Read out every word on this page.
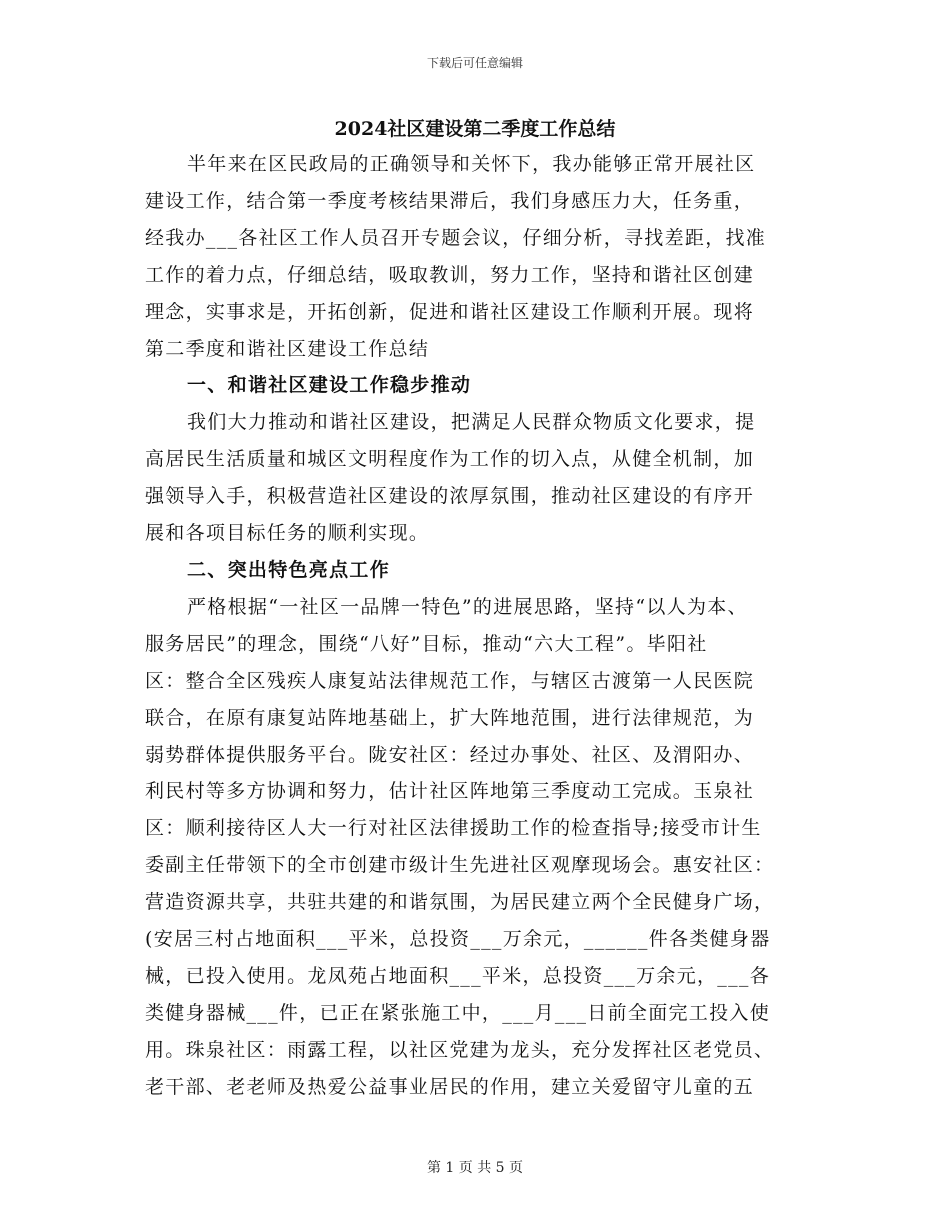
下载后可任意编辑
2024社区建设第二季度工作总结

半年来在区民政局的正确领导和关怀下，我办能够正常开展社区
建设工作，结合第一季度考核结果滞后，我们身感压力大，任务重，
经我办___各社区工作人员召开专题会议，仔细分析，寻找差距，找准
工作的着力点，仔细总结，吸取教训，努力工作，坚持和谐社区创建
理念，实事求是，开拓创新，促进和谐社区建设工作顺利开展。现将
第二季度和谐社区建设工作总结

一、和谐社区建设工作稳步推动

我们大力推动和谐社区建设，把满足人民群众物质文化要求，提
高居民生活质量和城区文明程度作为工作的切入点，从健全机制，加
强领导入手，积极营造社区建设的浓厚氛围，推动社区建设的有序开
展和各项目标任务的顺利实现。

二、突出特色亮点工作

严格根据“一社区一品牌一特色”的进展思路，坚持“以人为本、
服务居民”的理念，围绕“八好”目标，推动“六大工程”。毕阳社
区：整合全区残疾人康复站法律规范工作，与辖区古渡第一人民医院
联合，在原有康复站阵地基础上，扩大阵地范围，进行法律规范，为
弱势群体提供服务平台。陇安社区：经过办事处、社区、及渭阳办、
利民村等多方协调和努力，估计社区阵地第三季度动工完成。玉泉社
区：顺利接待区人大一行对社区法律援助工作的检查指导;接受市计生
委副主任带领下的全市创建市级计生先进社区观摩现场会。惠安社区：
营造资源共享，共驻共建的和谐氛围，为居民建立两个全民健身广场，
(安居三村占地面积___平米，总投资___万余元，______件各类健身器
械，已投入使用。龙凤苑占地面积___平米，总投资___万余元，___各
类健身器械___件，已正在紧张施工中，___月___日前全面完工投入使
用。珠泉社区：雨露工程，以社区党建为龙头，充分发挥社区老党员、
老干部、老老师及热爱公益事业居民的作用，建立关爱留守儿童的五

第 1 页 共 5 页
